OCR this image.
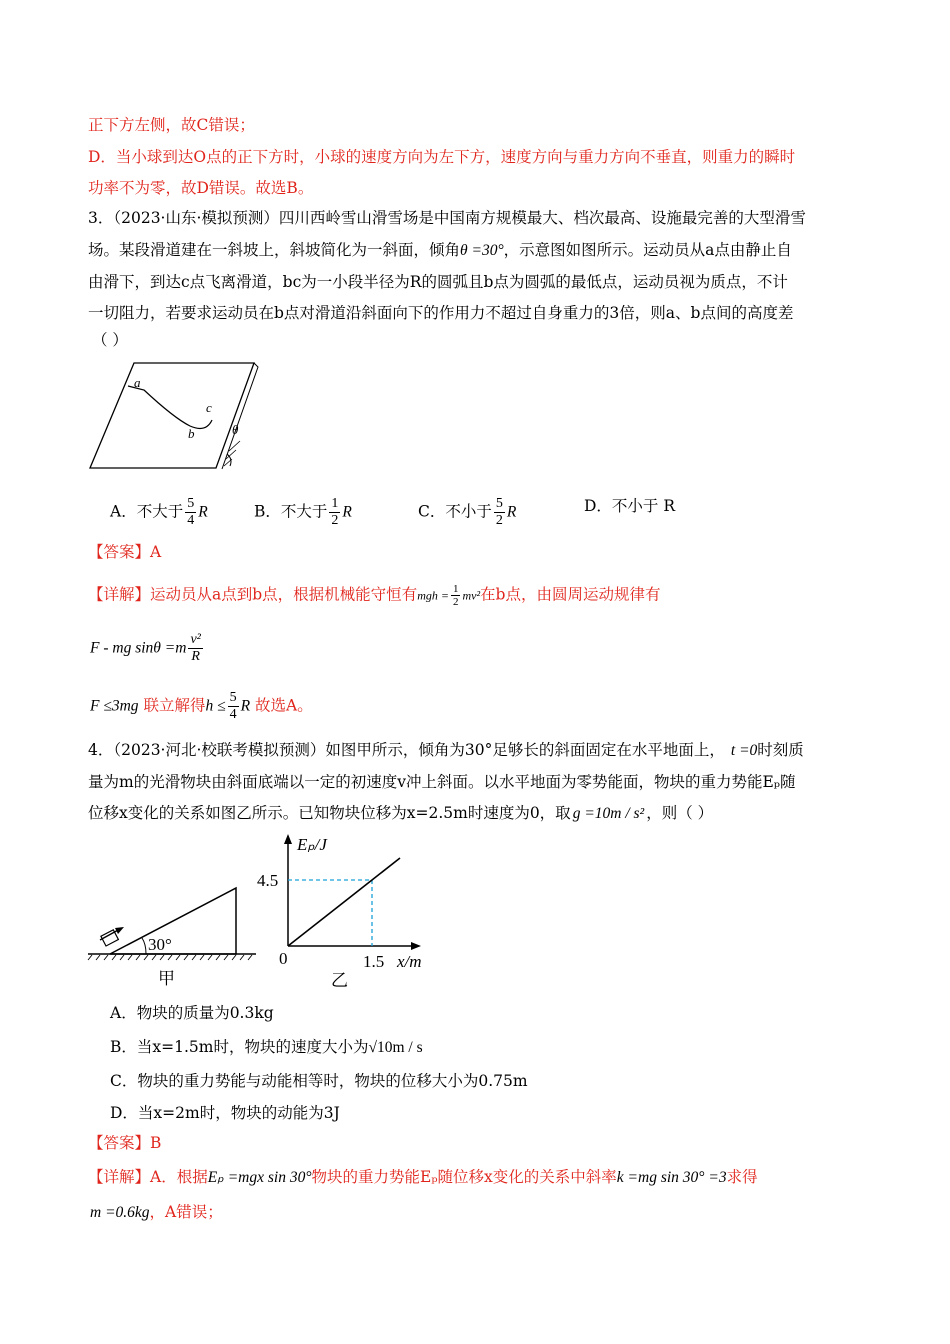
正下方左侧，故C错误；
D．当小球到达O点的正下方时，小球的速度方向为左下方，速度方向与重力方向不垂直，则重力的瞬时
功率不为零，故D错误。故选B。
3．（2023·山东·模拟预测）四川西岭雪山滑雪场是中国南方规模最大、档次最高、设施最完善的大型滑雪
场。某段滑道建在一斜坡上，斜坡简化为一斜面，倾角θ =30°，示意图如图所示。运动员从a点由静止自
由滑下，到达c点飞离滑道，bc为一小段半径为R的圆弧且b点为圆弧的最低点，运动员视为质点，不计
一切阻力，若要求运动员在b点对滑道沿斜面向下的作用力不超过自身重力的3倍，则a、b点间的高度差
（ ）
a
b
c
θ
A．不大于 $\frac{5}{4}$ R	B．不大于 $\frac{1}{2}$ R	C．不小于 $\frac{5}{2}$ R	D．不小于 R
【答案】A
【详解】运动员从a点到b点，根据机械能守恒有mgh = $\frac{1}{2} mv^2$在b点，由圆周运动规律有
F - mg $\sin\theta =m \frac{\text{v²}}{R}$
F ≤3mg 联立解得$h \le \frac{5}{4}$ R 故选A。
4．（2023·河北·校联考模拟预测）如图甲所示，倾角为30°足够长的斜面固定在水平地面上， t =0时刻质
量为m的光滑物块由斜面底端以一定的初速度v冲上斜面。以水平地面为零势能面，物块的重力势能Eₚ随
位移x变化的关系如图乙所示。已知物块位移为x=2.5m时速度为0，取 g =10m / s² ，则（ ）
30°
甲
Eₚ/J
4.5
0	1.5 x/m
乙
A．物块的质量为0.3kg
B．当x=1.5m时，物块的速度大小为√10m / s
C．物块的重力势能与动能相等时，物块的位移大小为0.75m
D．当x=2m时，物块的动能为3J
【答案】B
【详解】A．根据Eₚ =mgx sin 30°物块的重力势能Eₚ随位移x变化的关系中斜率k =mg sin 30° =3求得
m =0.6kg，A错误；
